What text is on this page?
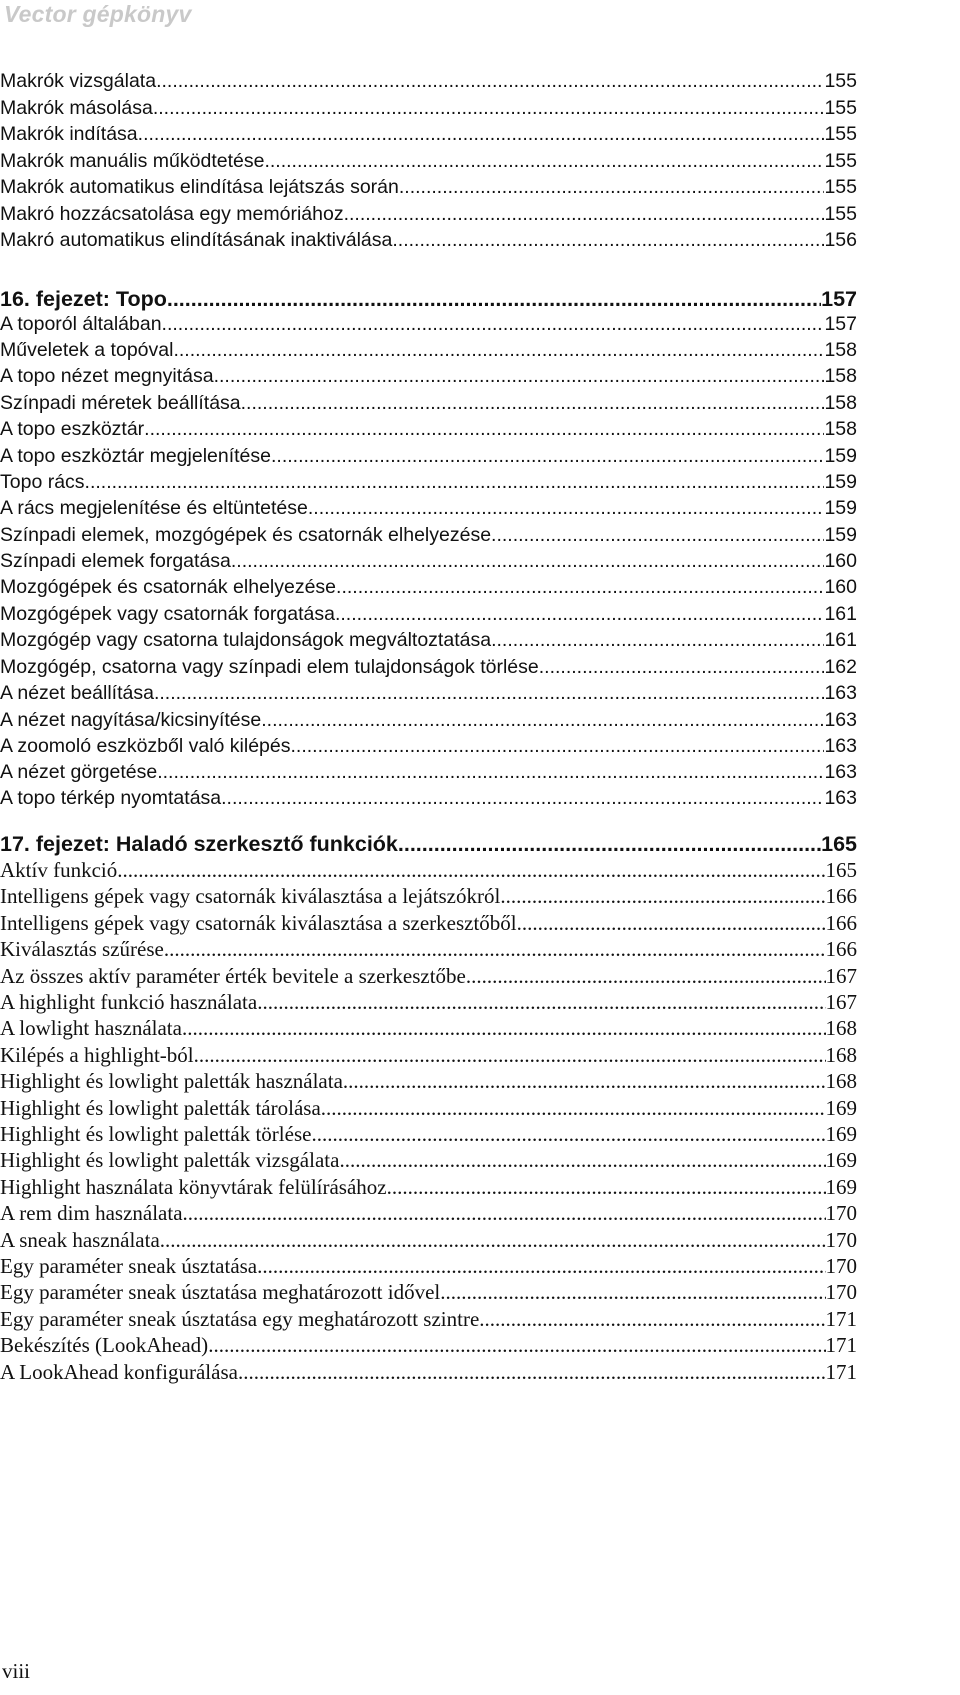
Vector gépkönyv
Makrók vizsgálata .....	155
Makrók másolása .....	155
Makrók indítása .....	155
Makrók manuális működtetése .....	155
Makrók automatikus elindítása lejátszás során .....	155
Makró hozzácsatolása egy memóriához .....	155
Makró automatikus elindításának inaktiválása .....	156
16. fejezet: Topo .....	157
A toporól általában .....	157
Műveletek a topóval .....	158
A topo nézet megnyitása .....	158
Színpadi méretek beállítása .....	158
A topo eszköztár .....	158
A topo eszköztár megjelenítése .....	159
Topo rács .....	159
A rács megjelenítése és eltüntetése .....	159
Színpadi elemek, mozgógépek és csatornák elhelyezése .....	159
Színpadi elemek forgatása .....	160
Mozgógépek és csatornák elhelyezése .....	160
Mozgógépek vagy csatornák forgatása .....	161
Mozgógép vagy csatorna tulajdonságok megváltoztatása .....	161
Mozgógép, csatorna vagy színpadi elem tulajdonságok törlése .....	162
A nézet beállítása .....	163
A nézet nagyítása/kicsinyítése .....	163
A zoomoló eszközből való kilépés .....	163
A nézet görgetése .....	163
A topo térkép nyomtatása .....	163
17. fejezet: Haladó szerkesztő funkciók .....	165
Aktív funkció .....	165
Intelligens gépek vagy csatornák kiválasztása a lejátszókról .....	166
Intelligens gépek vagy csatornák kiválasztása a szerkesztőből .....	166
Kiválasztás szűrése .....	166
Az összes aktív paraméter érték bevitele a szerkesztőbe .....	167
A highlight funkció használata .....	167
A lowlight használata .....	168
Kilépés a highlight-ból .....	168
Highlight és lowlight paletták használata .....	168
Highlight és lowlight paletták tárolása .....	169
Highlight és lowlight paletták törlése .....	169
Highlight és lowlight paletták vizsgálata .....	169
Highlight használata könyvtárak felülírásához .....	169
A rem dim használata .....	170
A sneak használata .....	170
Egy paraméter sneak úsztatása .....	170
Egy paraméter sneak úsztatása meghatározott idővel .....	170
Egy paraméter sneak úsztatása egy meghatározott szintre .....	171
Bekészítés (LookAhead) .....	171
A LookAhead konfigurálása .....	171
viii
